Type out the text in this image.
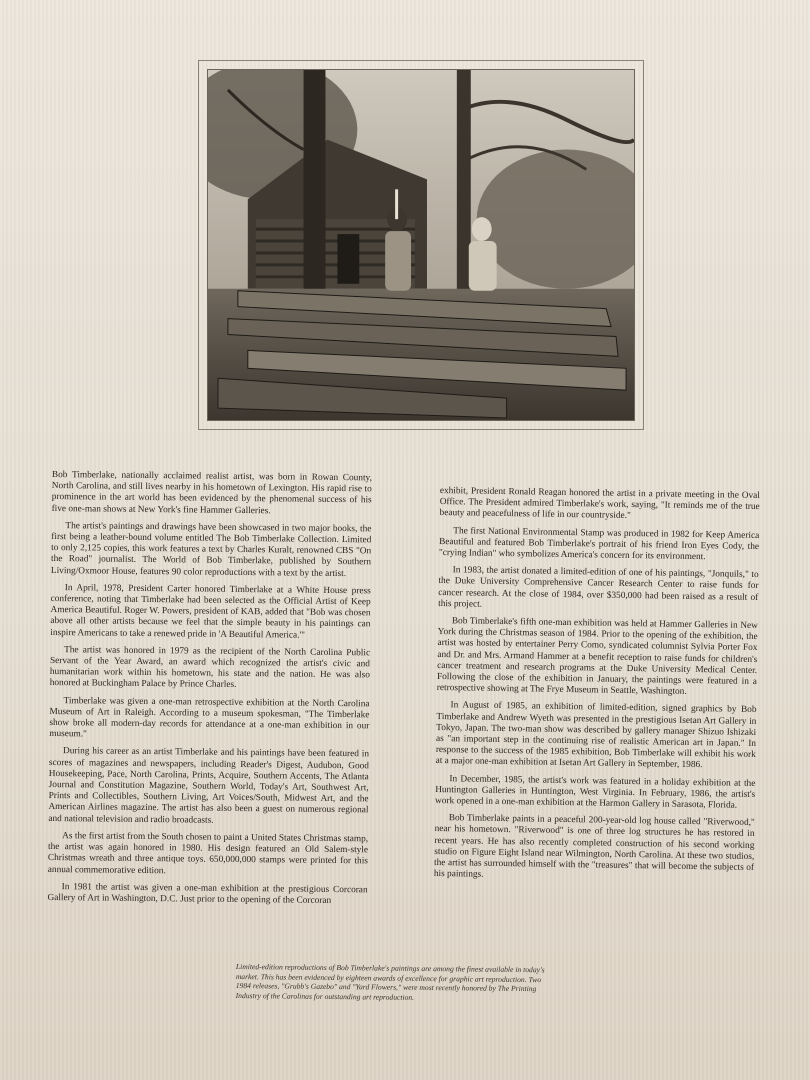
Bob Timberlake, nationally acclaimed realist artist, was born in Rowan County, North Carolina, and still lives nearby in his hometown of Lexington. His rapid rise to prominence in the art world has been evidenced by the phenomenal success of his five one-man shows at New York's fine Hammer Galleries.

The artist's paintings and drawings have been showcased in two major books, the first being a leather-bound volume entitled The Bob Timberlake Collection. Limited to only 2,125 copies, this work features a text by Charles Kuralt, renowned CBS "On the Road" journalist. The World of Bob Timberlake, published by Southern Living/Oxmoor House, features 90 color reproductions with a text by the artist.

In April, 1978, President Carter honored Timberlake at a White House press conference, noting that Timberlake had been selected as the Official Artist of Keep America Beautiful. Roger W. Powers, president of KAB, added that "Bob was chosen above all other artists because we feel that the simple beauty in his paintings can inspire Americans to take a renewed pride in 'A Beautiful America.'"

The artist was honored in 1979 as the recipient of the North Carolina Public Servant of the Year Award, an award which recognized the artist's civic and humanitarian work within his hometown, his state and the nation. He was also honored at Buckingham Palace by Prince Charles.

Timberlake was given a one-man retrospective exhibition at the North Carolina Museum of Art in Raleigh. According to a museum spokesman, "The Timberlake show broke all modern-day records for attendance at a one-man exhibition in our museum."

During his career as an artist Timberlake and his paintings have been featured in scores of magazines and newspapers, including Reader's Digest, Audubon, Good Housekeeping, Pace, North Carolina, Prints, Acquire, Southern Accents, The Atlanta Journal and Constitution Magazine, Southern World, Today's Art, Southwest Art, Prints and Collectibles, Southern Living, Art Voices/South, Midwest Art, and the American Airlines magazine. The artist has also been a guest on numerous regional and national television and radio broadcasts.

As the first artist from the South chosen to paint a United States Christmas stamp, the artist was again honored in 1980. His design featured an Old Salem-style Christmas wreath and three antique toys. 650,000,000 stamps were printed for this annual commemorative edition.

In 1981 the artist was given a one-man exhibition at the prestigious Corcoran Gallery of Art in Washington, D.C. Just prior to the opening of the Corcoran

exhibit, President Ronald Reagan honored the artist in a private meeting in the Oval Office. The President admired Timberlake's work, saying, "It reminds me of the true beauty and peacefulness of life in our countryside."

The first National Environmental Stamp was produced in 1982 for Keep America Beautiful and featured Bob Timberlake's portrait of his friend Iron Eyes Cody, the "crying Indian" who symbolizes America's concern for its environment.

In 1983, the artist donated a limited-edition of one of his paintings, "Jonquils," to the Duke University Comprehensive Cancer Research Center to raise funds for cancer research. At the close of 1984, over $350,000 had been raised as a result of this project.

Bob Timberlake's fifth one-man exhibition was held at Hammer Galleries in New York during the Christmas season of 1984. Prior to the opening of the exhibition, the artist was hosted by entertainer Perry Como, syndicated columnist Sylvia Porter Fox and Dr. and Mrs. Armand Hammer at a benefit reception to raise funds for children's cancer treatment and research programs at the Duke University Medical Center. Following the close of the exhibition in January, the paintings were featured in a retrospective showing at The Frye Museum in Seattle, Washington.

In August of 1985, an exhibition of limited-edition, signed graphics by Bob Timberlake and Andrew Wyeth was presented in the prestigious Isetan Art Gallery in Tokyo, Japan. The two-man show was described by gallery manager Shizuo Ishizaki as "an important step in the continuing rise of realistic American art in Japan." In response to the success of the 1985 exhibition, Bob Timberlake will exhibit his work at a major one-man exhibition at Isetan Art Gallery in September, 1986.

In December, 1985, the artist's work was featured in a holiday exhibition at the Huntington Galleries in Huntington, West Virginia. In February, 1986, the artist's work opened in a one-man exhibition at the Harmon Gallery in Sarasota, Florida.

Bob Timberlake paints in a peaceful 200-year-old log house called "Riverwood," near his hometown. "Riverwood" is one of three log structures he has restored in recent years. He has also recently completed construction of his second working studio on Figure Eight Island near Wilmington, North Carolina. At these two studios, the artist has surrounded himself with the "treasures" that will become the subjects of his paintings.

Limited-edition reproductions of Bob Timberlake's paintings are among the finest available in today's market. This has been evidenced by eighteen awards of excellence for graphic art reproduction. Two 1984 releases, "Grubb's Gazebo" and "Yard Flowers," were most recently honored by The Printing Industry of the Carolinas for outstanding art reproduction.
